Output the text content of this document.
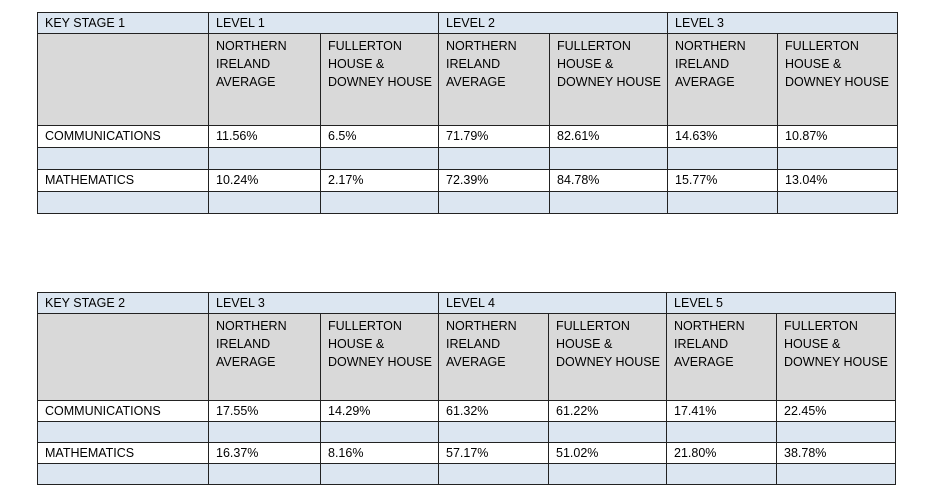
KEY STAGE 1	LEVEL 1		LEVEL 2		LEVEL 3	
	NORTHERN
IRELAND
AVERAGE	FULLERTON
HOUSE &
DOWNEY HOUSE	NORTHERN
IRELAND
AVERAGE	FULLERTON
HOUSE &
DOWNEY HOUSE	NORTHERN
IRELAND
AVERAGE	FULLERTON
HOUSE &
DOWNEY HOUSE
COMMUNICATIONS	11.56%	6.5%	71.79%	82.61%	14.63%	10.87%

MATHEMATICS	10.24%	2.17%	72.39%	84.78%	15.77%	13.04%

KEY STAGE 2	LEVEL 3		LEVEL 4		LEVEL 5	
	NORTHERN
IRELAND
AVERAGE	FULLERTON
HOUSE &
DOWNEY HOUSE	NORTHERN
IRELAND
AVERAGE	FULLERTON
HOUSE &
DOWNEY HOUSE	NORTHERN
IRELAND
AVERAGE	FULLERTON
HOUSE &
DOWNEY HOUSE
COMMUNICATIONS	17.55%	14.29%	61.32%	61.22%	17.41%	22.45%

MATHEMATICS	16.37%	8.16%	57.17%	51.02%	21.80%	38.78%
